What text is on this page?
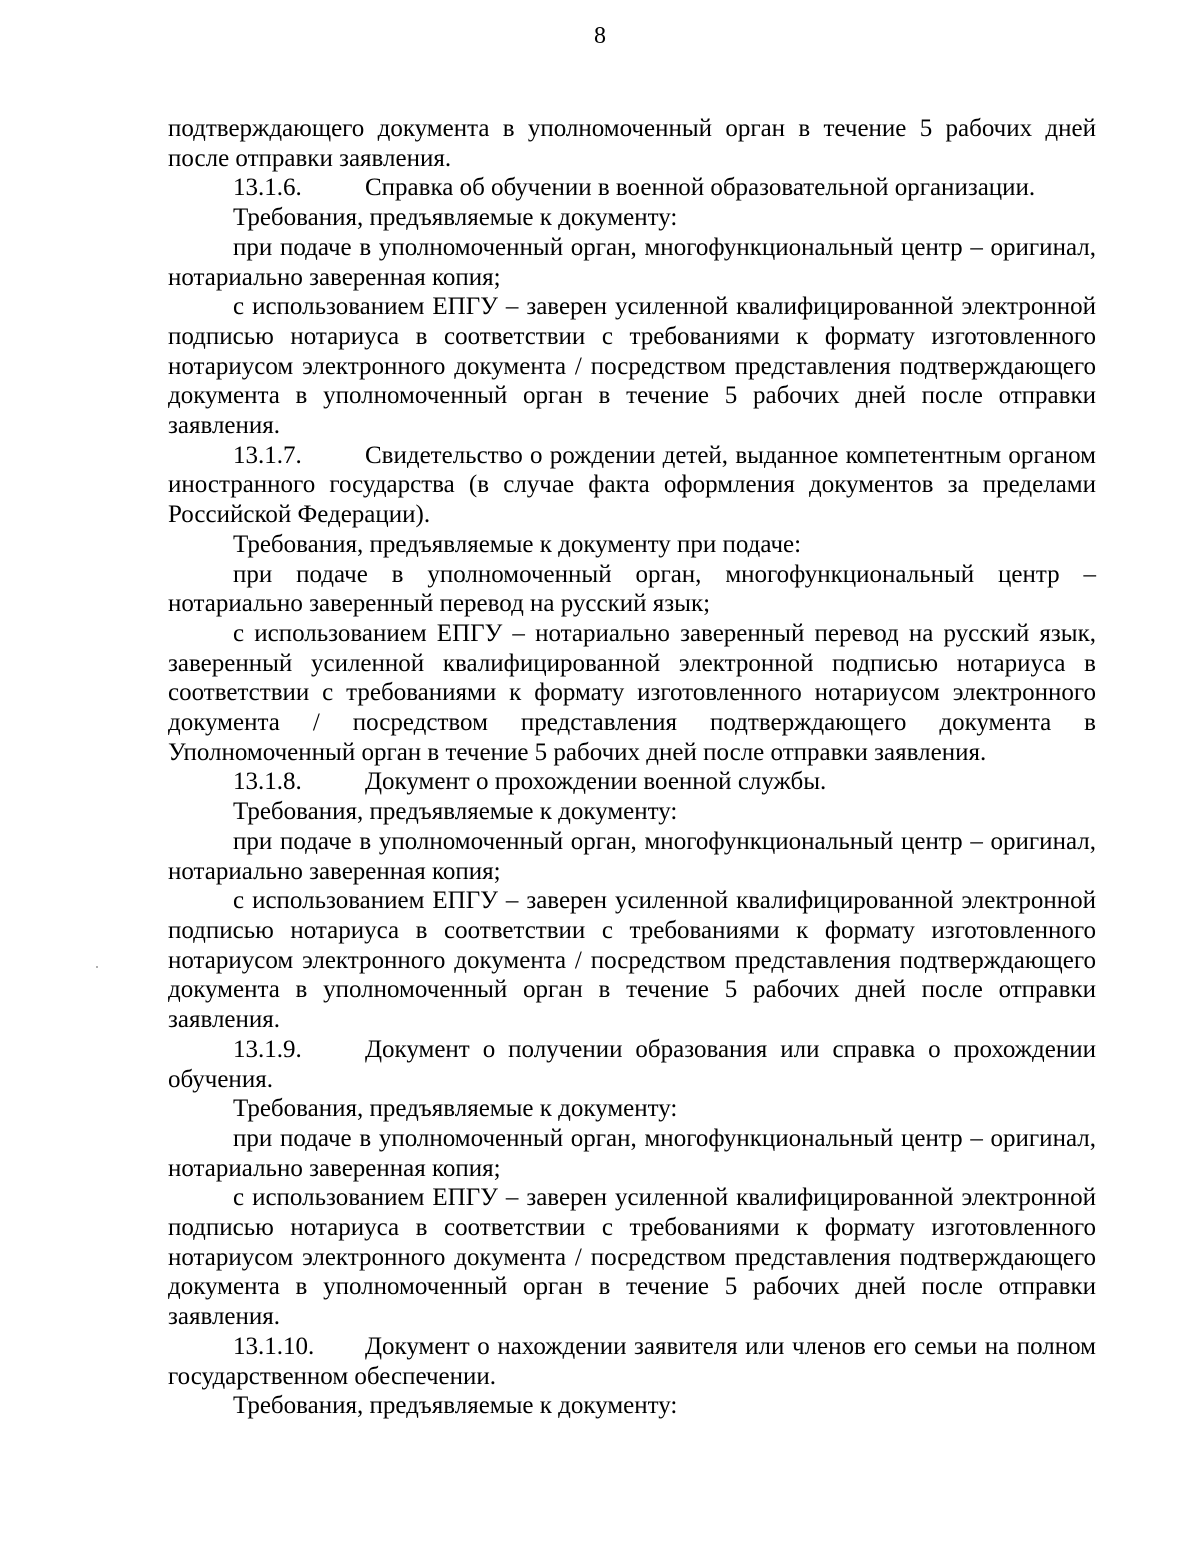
8

подтверждающего документа в уполномоченный орган в течение 5 рабочих дней после отправки заявления.

13.1.6.	Справка об обучении в военной образовательной организации.

Требования, предъявляемые к документу:

при подаче в уполномоченный орган, многофункциональный центр – оригинал, нотариально заверенная копия;

с использованием ЕПГУ – заверен усиленной квалифицированной электронной подписью нотариуса в соответствии с требованиями к формату изготовленного нотариусом электронного документа / посредством представления подтверждающего документа в уполномоченный орган в течение 5 рабочих дней после отправки заявления.

13.1.7.	Свидетельство о рождении детей, выданное компетентным органом иностранного государства (в случае факта оформления документов за пределами Российской Федерации).

Требования, предъявляемые к документу при подаче:

при подаче в уполномоченный орган, многофункциональный центр – нотариально заверенный перевод на русский язык;

с использованием ЕПГУ – нотариально заверенный перевод на русский язык, заверенный усиленной квалифицированной электронной подписью нотариуса в соответствии с требованиями к формату изготовленного нотариусом электронного документа / посредством представления подтверждающего документа в Уполномоченный орган в течение 5 рабочих дней после отправки заявления.

13.1.8.	Документ о прохождении военной службы.

Требования, предъявляемые к документу:

при подаче в уполномоченный орган, многофункциональный центр – оригинал, нотариально заверенная копия;

с использованием ЕПГУ – заверен усиленной квалифицированной электронной подписью нотариуса в соответствии с требованиями к формату изготовленного нотариусом электронного документа / посредством представления подтверждающего документа в уполномоченный орган в течение 5 рабочих дней после отправки заявления.

13.1.9.	Документ о получении образования или справка о прохождении обучения.

Требования, предъявляемые к документу:

при подаче в уполномоченный орган, многофункциональный центр – оригинал, нотариально заверенная копия;

с использованием ЕПГУ – заверен усиленной квалифицированной электронной подписью нотариуса в соответствии с требованиями к формату изготовленного нотариусом электронного документа / посредством представления подтверждающего документа в уполномоченный орган в течение 5 рабочих дней после отправки заявления.

13.1.10. Документ о нахождении заявителя или членов его семьи на полном государственном обеспечении.

Требования, предъявляемые к документу:
